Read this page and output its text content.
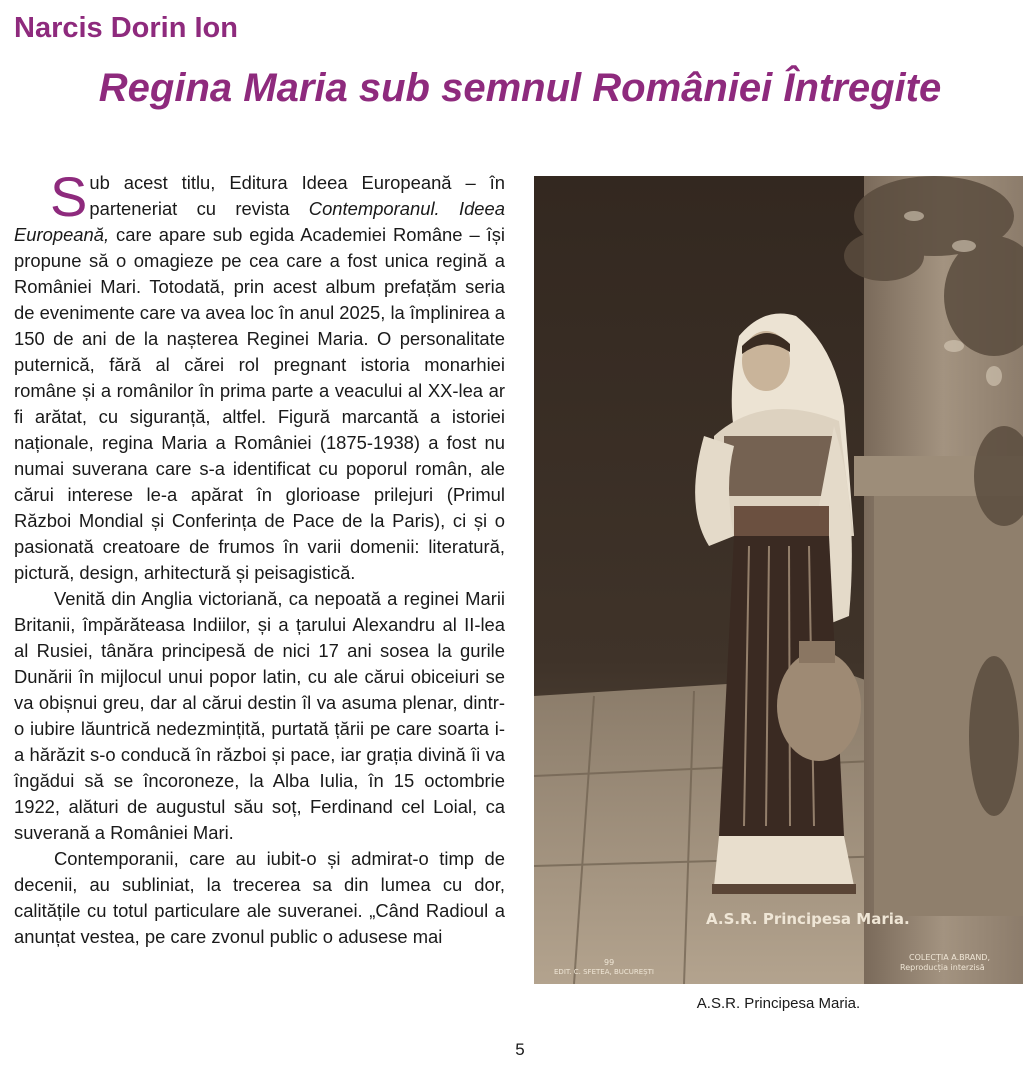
Narcis Dorin Ion
Regina Maria sub semnul României Întregite

Sub acest titlu, Editura Ideea Europeană – în parteneriat cu revista Contemporanul. Ideea Europeană, care apare sub egida Academiei Române – își propune să o omagieze pe cea care a fost unica regină a României Mari. Totodată, prin acest album prefațăm seria de evenimente care va avea loc în anul 2025, la împlinirea a 150 de ani de la nașterea Reginei Maria. O personalitate puternică, fără al cărei rol pregnant istoria monarhiei române și a românilor în prima parte a veacului al XX-lea ar fi arătat, cu siguranță, altfel. Figură marcantă a istoriei naționale, regina Maria a României (1875-1938) a fost nu numai suverana care s-a identificat cu poporul român, ale cărui interese le-a apărat în glorioase prilejuri (Primul Război Mondial și Conferința de Pace de la Paris), ci și o pasionată creatoare de frumos în varii domenii: literatură, pictură, design, arhitectură și peisagistică.

Venită din Anglia victoriană, ca nepoată a reginei Marii Britanii, împărăteasa Indiilor, și a țarului Alexandru al II-lea al Rusiei, tânăra principesă de nici 17 ani sosea la gurile Dunării în mijlocul unui popor latin, cu ale cărui obiceiuri se va obișnui greu, dar al cărui destin îl va asuma plenar, dintr-o iubire lăuntrică nedezmințită, purtată țării pe care soarta i-a hărăzit s-o conducă în război și pace, iar grația divină îi va îngădui să se încoroneze, la Alba Iulia, în 15 octombrie 1922, alături de augustul său soț, Ferdinand cel Loial, ca suverană a României Mari.

Contemporanii, care au iubit-o și admirat-o timp de decenii, au subliniat, la trecerea sa din lumea cu dor, calitățile cu totul particulare ale suveranei. „Când Radioul a anunțat vestea, pe care zvonul public o adusese mai

A.S.R. Principesa Maria.
99
EDIT. C. SFETEA, BUCUREȘTI
COLECȚIA A.BRAND,
Reproducția interzisă
A.S.R. Principesa Maria.
5
